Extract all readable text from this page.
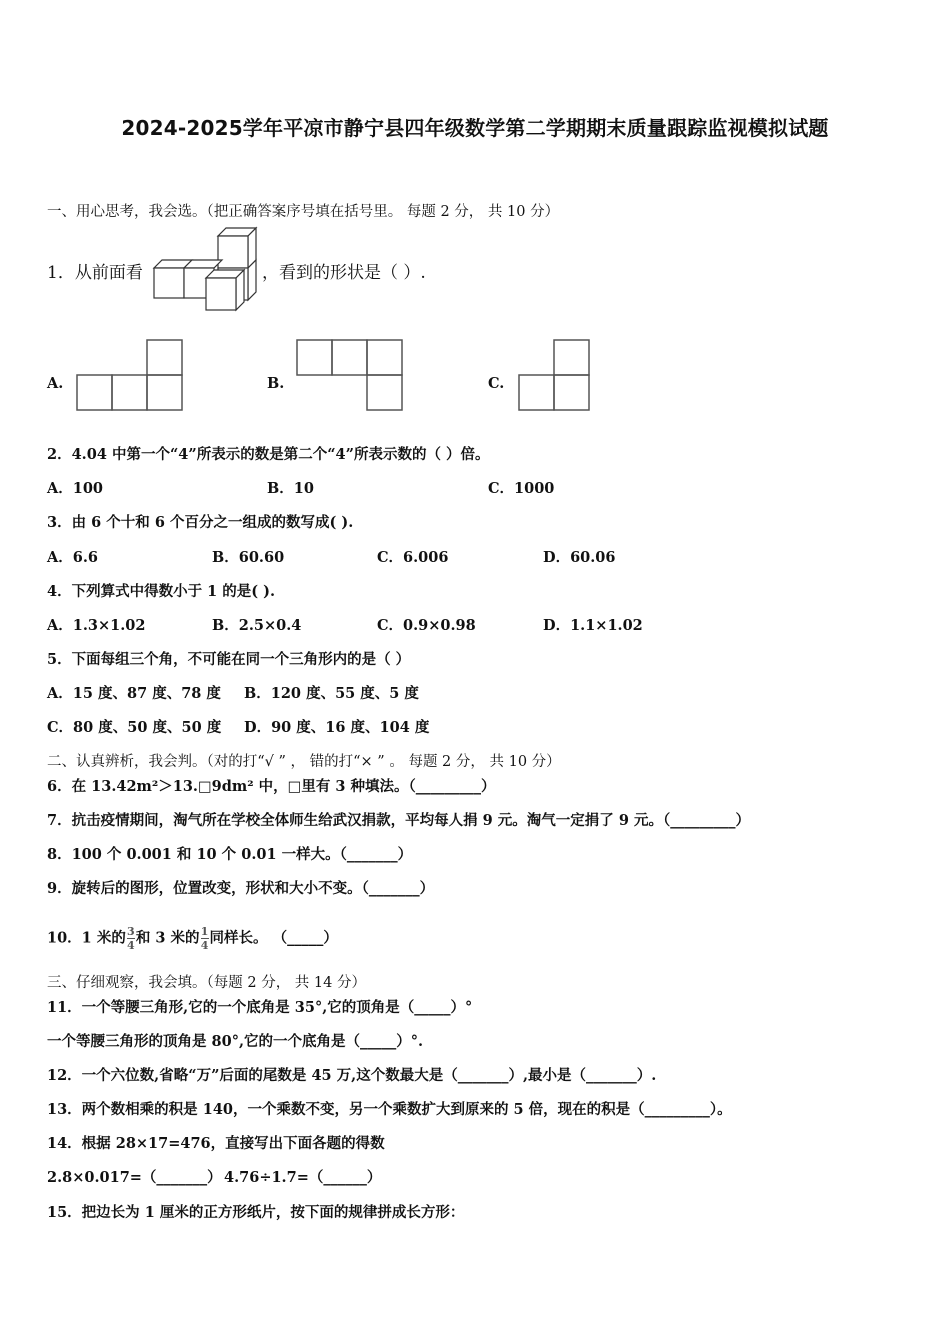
2024-2025学年平凉市静宁县四年级数学第二学期期末质量跟踪监视模拟试题
一、用心思考，我会选。（把正确答案序号填在括号里。 每题 2 分， 共 10 分）
1．从前面看	，看到的形状是（ ）.
A.	B.	C.
2．4.04 中第一个“4”所表示的数是第二个“4”所表示数的（ ）倍。
A．100	B．10	C．1000
3．由 6 个十和 6 个百分之一组成的数写成( ).
A．6.6	B．60.60	C．6.006	D．60.06
4．下列算式中得数小于 1 的是( ).
A．1.3×1.02	B．2.5×0.4	C．0.9×0.98	D．1.1×1.02
5．下面每组三个角，不可能在同一个三角形内的是（ ）
A．15 度、87 度、78 度 B．120 度、55 度、5 度
C．80 度、50 度、50 度 D．90 度、16 度、104 度
二、认真辨析，我会判。（对的打“√ ” ， 错的打“× ” 。 每题 2 分， 共 10 分）
6．在 13.42m²＞13.□9dm² 中，□里有 3 种填法。（_________）
7．抗击疫情期间，淘气所在学校全体师生给武汉捐款，平均每人捐 9 元。淘气一定捐了 9 元。（_________）
8．100 个 0.001 和 10 个 0.01 一样大。（_______）
9．旋转后的图形，位置改变，形状和大小不变。（_______）
10．1 米的 $\frac{3}{4}$ 和 3 米的 $\frac{1}{4}$ 同样长。 （_____）
三、仔细观察，我会填。（每题 2 分， 共 14 分）
11．一个等腰三角形,它的一个底角是 35°,它的顶角是（_____）°
一个等腰三角形的顶角是 80°,它的一个底角是（_____）°.
12．一个六位数,省略“万”后面的尾数是 45 万,这个数最大是（_______）,最小是（_______）.
13．两个数相乘的积是 140，一个乘数不变，另一个乘数扩大到原来的 5 倍，现在的积是（_________）。
14．根据 28×17=476，直接写出下面各题的得数
2.8×0.017=（_______） 4.76÷1.7=（______）
15．把边长为 1 厘米的正方形纸片，按下面的规律拼成长方形：
